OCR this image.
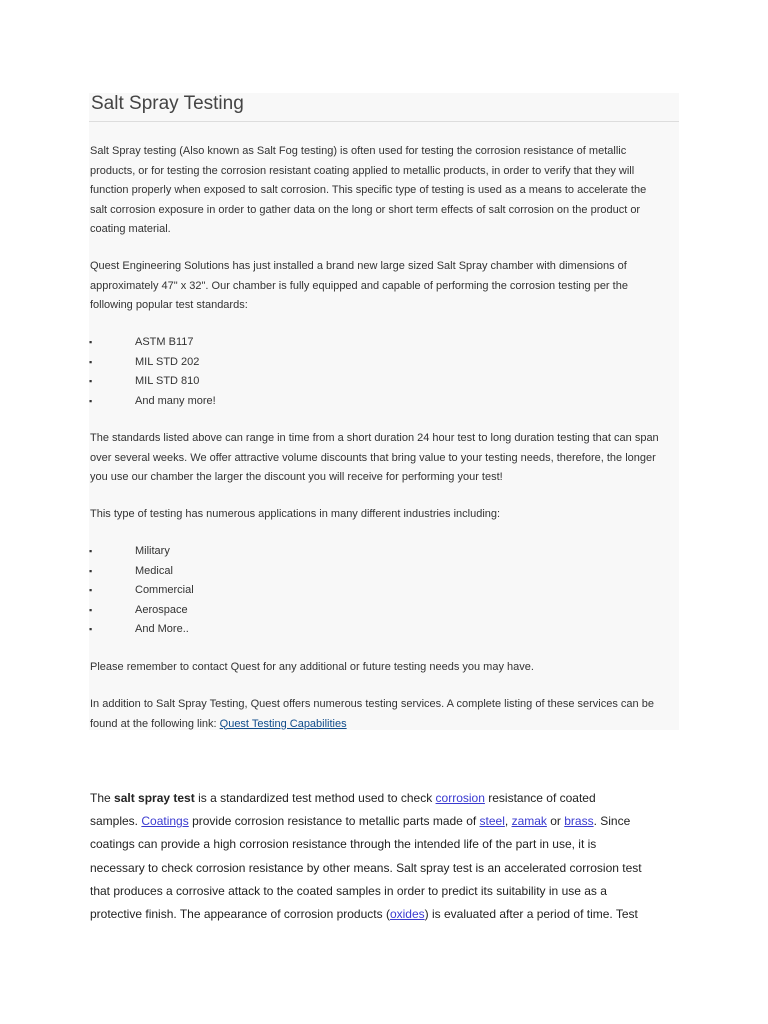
Salt Spray Testing

Salt Spray testing (Also known as Salt Fog testing) is often used for testing the corrosion resistance of metallic

products, or for testing the corrosion resistant coating applied to metallic products, in order to verify that they will

function properly when exposed to salt corrosion. This specific type of testing is used as a means to accelerate the

salt corrosion exposure in order to gather data on the long or short term effects of salt corrosion on the product or

coating material.

Quest Engineering Solutions has just installed a brand new large sized Salt Spray chamber with dimensions of

approximately 47" x 32". Our chamber is fully equipped and capable of performing the corrosion testing per the

following popular test standards:

▪	ASTM B117
▪	MIL STD 202
▪	MIL STD 810
▪	And many more!

The standards listed above can range in time from a short duration 24 hour test to long duration testing that can span

over several weeks. We offer attractive volume discounts that bring value to your testing needs, therefore, the longer

you use our chamber the larger the discount you will receive for performing your test!

This type of testing has numerous applications in many different industries including:

▪	Military
▪	Medical
▪	Commercial
▪	Aerospace
▪	And More..

Please remember to contact Quest for any additional or future testing needs you may have.

In addition to Salt Spray Testing, Quest offers numerous testing services. A complete listing of these services can be

found at the following link: Quest Testing Capabilities

The salt spray test is a standardized test method used to check corrosion resistance of coated

samples. Coatings provide corrosion resistance to metallic parts made of steel, zamak or brass. Since

coatings can provide a high corrosion resistance through the intended life of the part in use, it is

necessary to check corrosion resistance by other means. Salt spray test is an accelerated corrosion test

that produces a corrosive attack to the coated samples in order to predict its suitability in use as a

protective finish. The appearance of corrosion products (oxides) is evaluated after a period of time. Test
